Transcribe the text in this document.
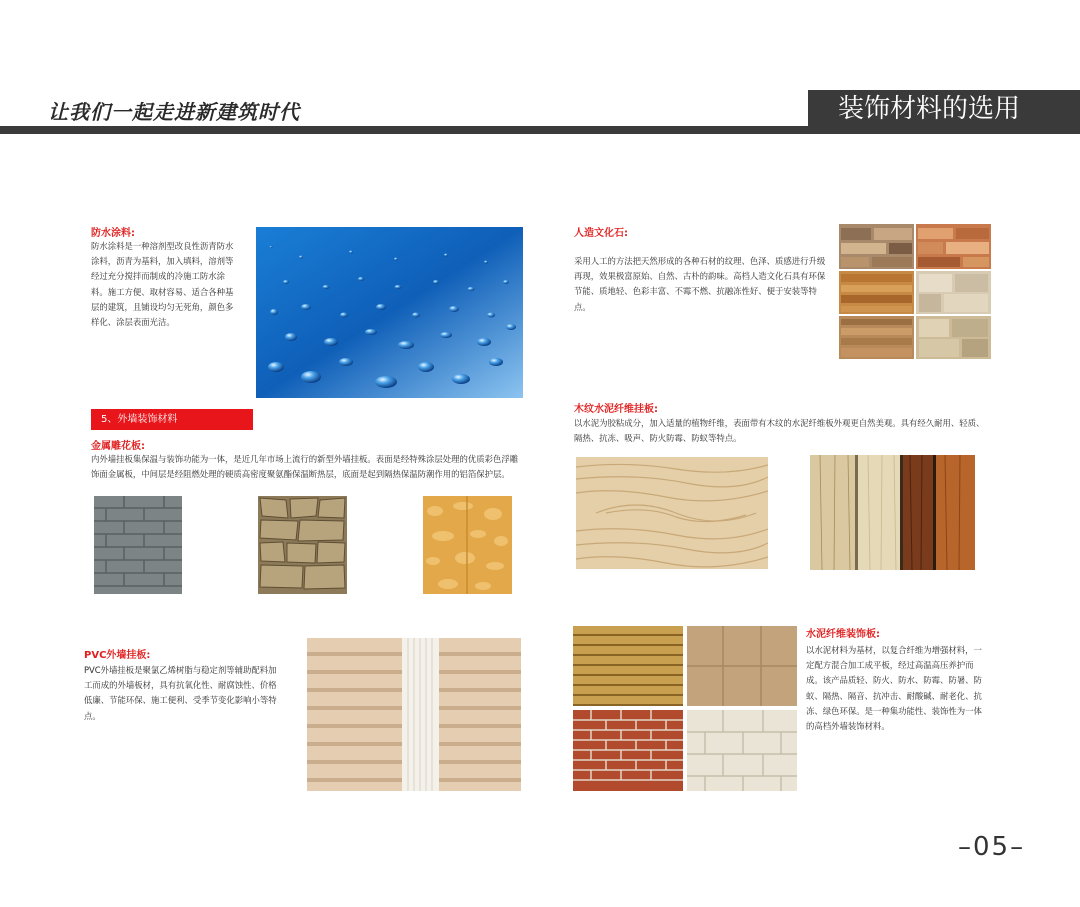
让我们一起走进新建筑时代	装饰材料的选用
防水涂料:
防水涂料是一种溶剂型改良性沥青防水涂料，沥青为基料，加入填料，溶剂等经过充分搅拌而制成的冷施工防水涂料。施工方便、取材容易、适合各种基层的建筑，且铺设均匀无死角，颜色多样化、涂层表面光洁。
人造文化石:
采用人工的方法把天然形成的各种石材的纹理、色泽、质感进行升级再现，效果极富原始、自然、古朴的韵味。高档人造文化石具有环保节能、质地轻、色彩丰富、不霉不燃、抗融冻性好、便于安装等特点。
5、外墙装饰材料
金属雕花板:
内外墙挂板集保温与装饰功能为一体，是近几年市场上流行的新型外墙挂板。表面是经特殊涂层处理的优质彩色浮雕饰面金属板，中间层是经阻燃处理的硬质高密度聚氨酯保温断热层，底面是起到隔热保温防潮作用的铝箔保护层。
木纹水泥纤维挂板:
以水泥为胶粘成分，加入适量的植物纤维，表面带有木纹的水泥纤维板外观更自然美观。具有经久耐用、轻质、隔热、抗冻、吸声、防火防霉、防蚁等特点。
PVC外墙挂板:
PVC外墙挂板是聚氯乙烯树脂与稳定剂等辅助配料加工而成的外墙板材，具有抗氧化性、耐腐蚀性、价格低廉、节能环保、施工便利、受季节变化影响小等特点。
水泥纤维装饰板:
以水泥材料为基材，以复合纤维为增强材料，一定配方混合加工成平板，经过高温高压养护而成。该产品质轻、防火、防水、防霉、防暑、防蚁、隔热、隔音、抗冲击、耐酸碱、耐老化、抗冻、绿色环保。是一种集功能性、装饰性为一体的高档外墙装饰材料。
–05–
